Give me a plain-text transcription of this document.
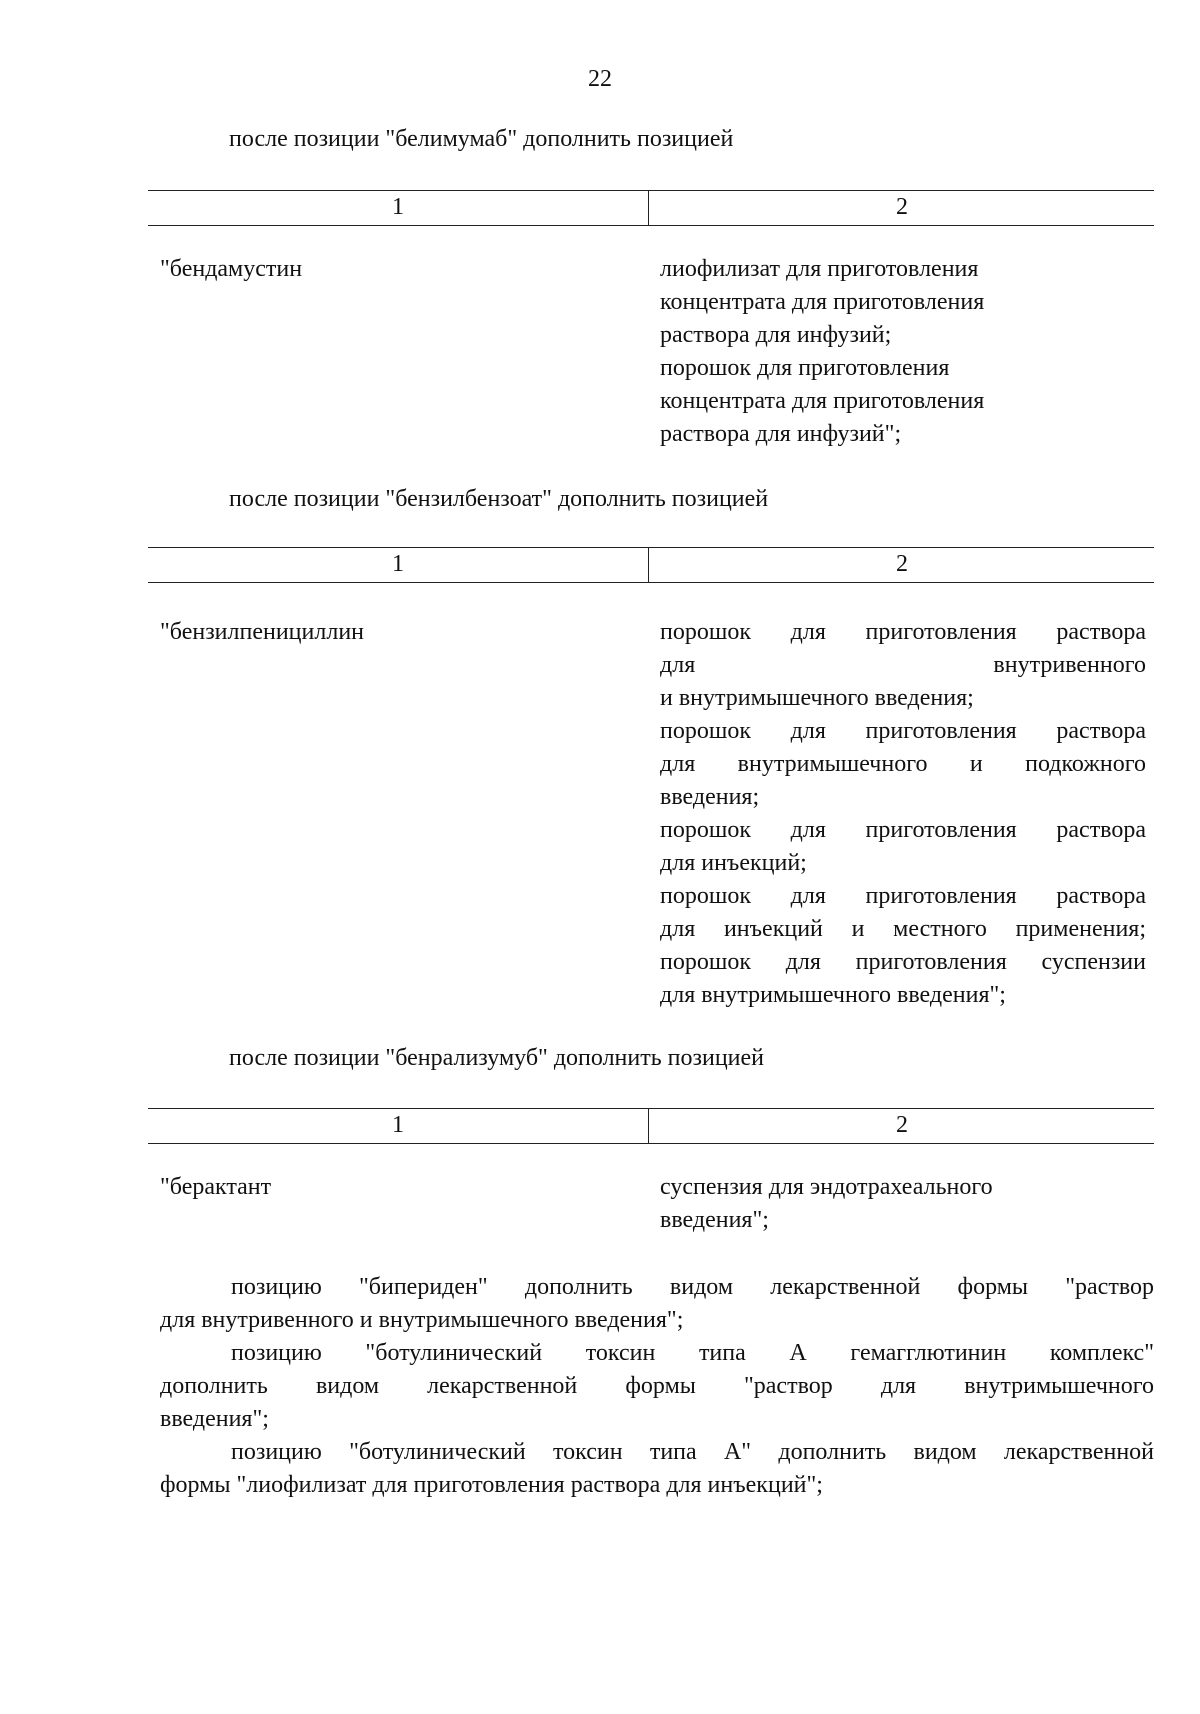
22
после позиции "белимумаб" дополнить позицией
1	2
"бендамустин	лиофилизат для приготовления
концентрата для приготовления
раствора для инфузий;
порошок для приготовления
концентрата для приготовления
раствора для инфузий";
после позиции "бензилбензоат" дополнить позицией
1	2
"бензилпенициллин	порошок для приготовления раствора
для внутривенного
и внутримышечного введения;
порошок для приготовления раствора
для внутримышечного и подкожного
введения;
порошок для приготовления раствора
для инъекций;
порошок для приготовления раствора
для инъекций и местного применения;
порошок для приготовления суспензии
для внутримышечного введения";
после позиции "бенрализумуб" дополнить позицией
1	2
"берактант	суспензия для эндотрахеального
введения";
позицию "бипериден" дополнить видом лекарственной формы "раствор
для внутривенного и внутримышечного введения";
позицию "ботулинический токсин типа А гемагглютинин комплекс"
дополнить видом лекарственной формы "раствор для внутримышечного
введения";
позицию "ботулинический токсин типа А" дополнить видом лекарственной
формы "лиофилизат для приготовления раствора для инъекций";
